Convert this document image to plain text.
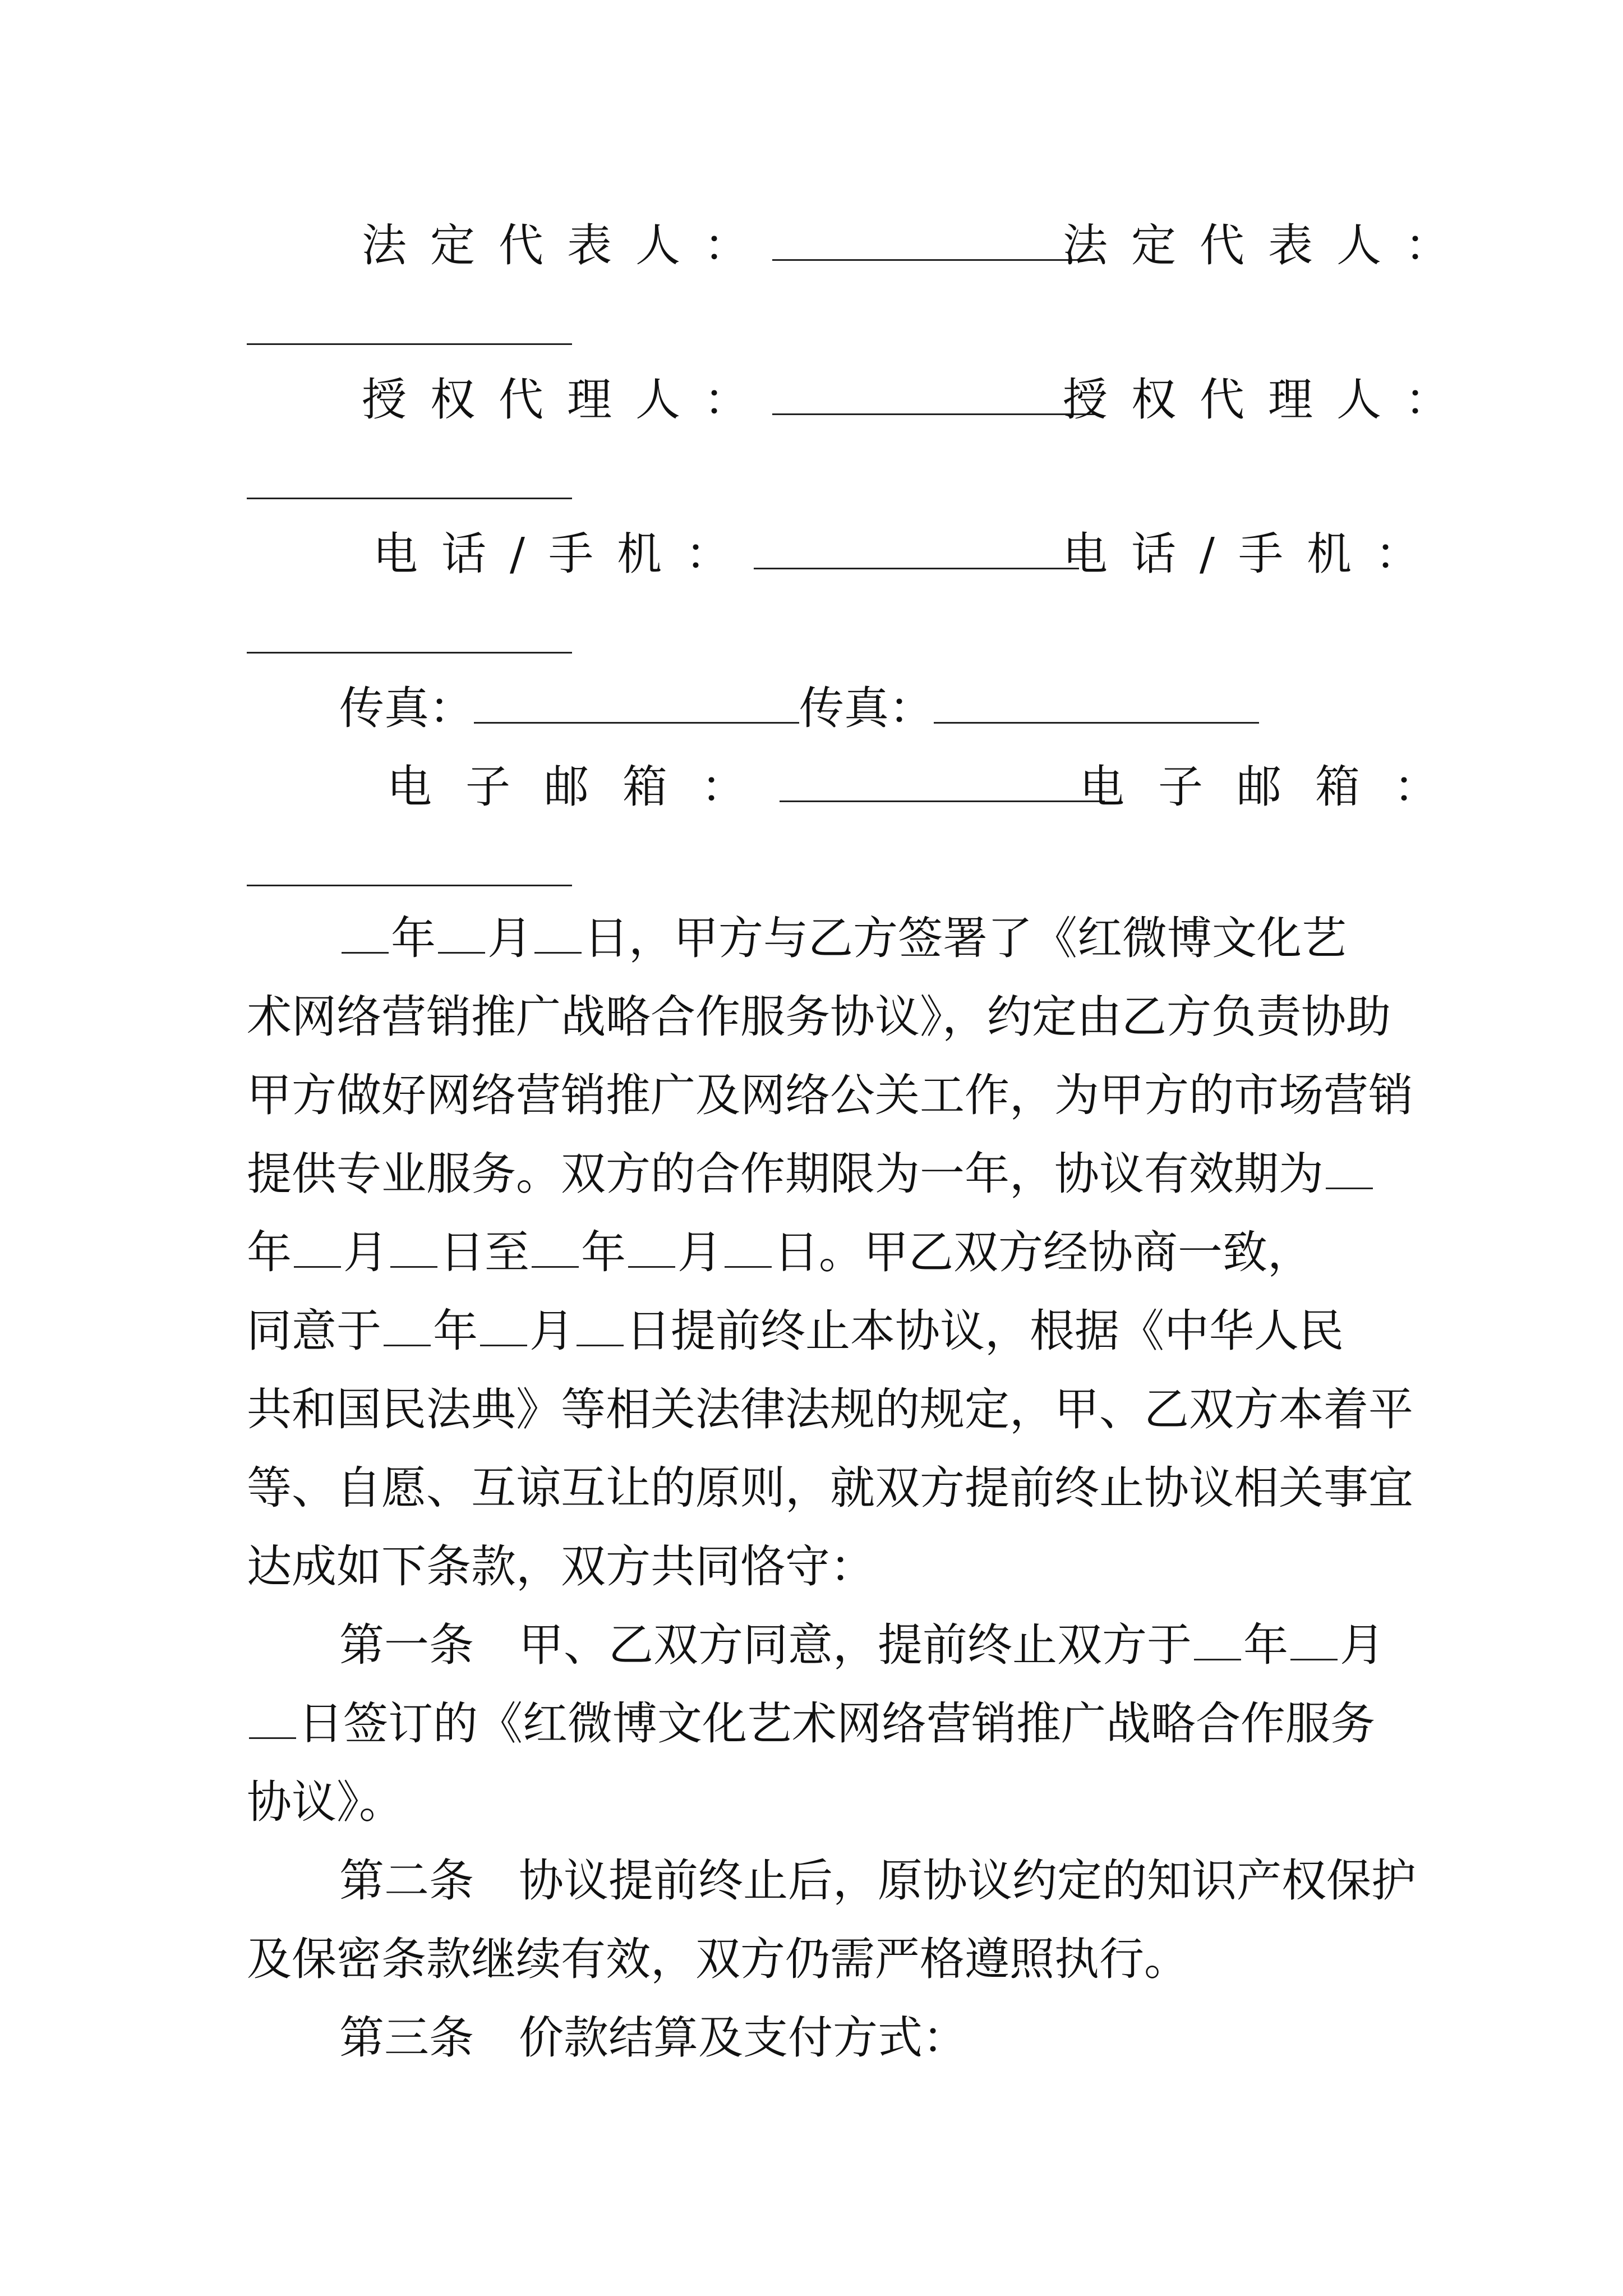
法定代表人：	法定代表人：
授权代理人：	授权代理人：
电话/手机：	电话/手机：
传真：	传真：
电子邮箱：	电子邮箱：
年 月 日，甲方与乙方签署了《红微博文化艺
术网络营销推广战略合作服务协议》，约定由乙方负责协助
甲方做好网络营销推广及网络公关工作，为甲方的市场营销
提供专业服务。双方的合作期限为一年，协议有效期为
年 月 日至 年 月 日。甲乙双方经协商一致，
同意于 年 月 日提前终止本协议，根据《中华人民
共和国民法典》等相关法律法规的规定，甲、乙双方本着平
等、自愿、互谅互让的原则，就双方提前终止协议相关事宜
达成如下条款，双方共同恪守：
第一条　甲、乙双方同意，提前终止双方于 年 月
日签订的《红微博文化艺术网络营销推广战略合作服务
协议》。
第二条　协议提前终止后，原协议约定的知识产权保护
及保密条款继续有效，双方仍需严格遵照执行。
第三条　价款结算及支付方式：
